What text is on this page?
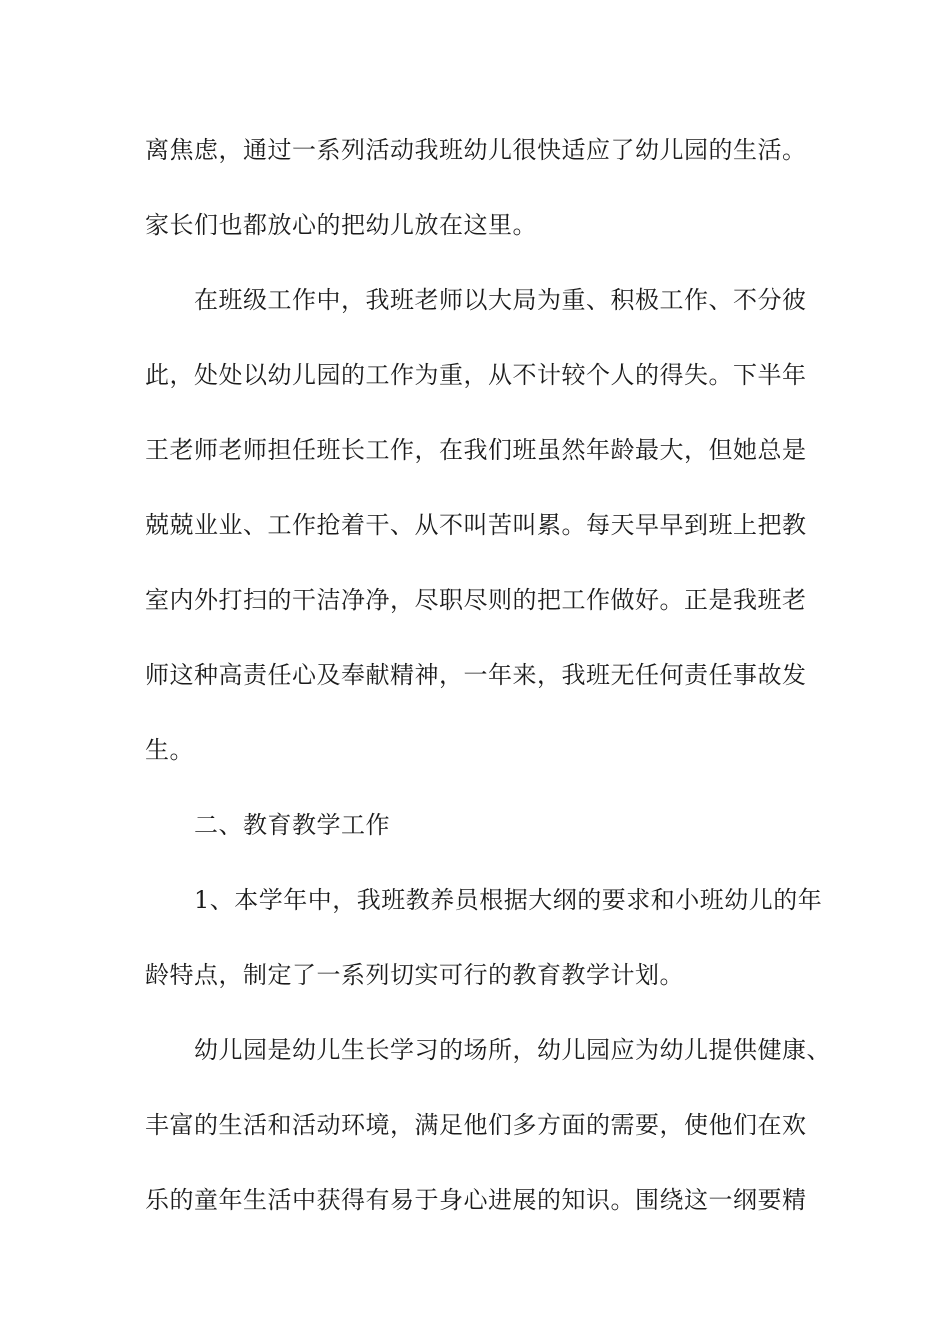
离焦虑，通过一系列活动我班幼儿很快适应了幼儿园的生活。
家长们也都放心的把幼儿放在这里。
在班级工作中，我班老师以大局为重、积极工作、不分彼
此，处处以幼儿园的工作为重，从不计较个人的得失。下半年
王老师老师担任班长工作，在我们班虽然年龄最大，但她总是
兢兢业业、工作抢着干、从不叫苦叫累。每天早早到班上把教
室内外打扫的干洁净净，尽职尽则的把工作做好。正是我班老
师这种高责任心及奉献精神，一年来，我班无任何责任事故发
生。
二、教育教学工作
1、本学年中，我班教养员根据大纲的要求和小班幼儿的年
龄特点，制定了一系列切实可行的教育教学计划。
幼儿园是幼儿生长学习的场所，幼儿园应为幼儿提供健康、
丰富的生活和活动环境，满足他们多方面的需要，使他们在欢
乐的童年生活中获得有易于身心进展的知识。围绕这一纲要精
